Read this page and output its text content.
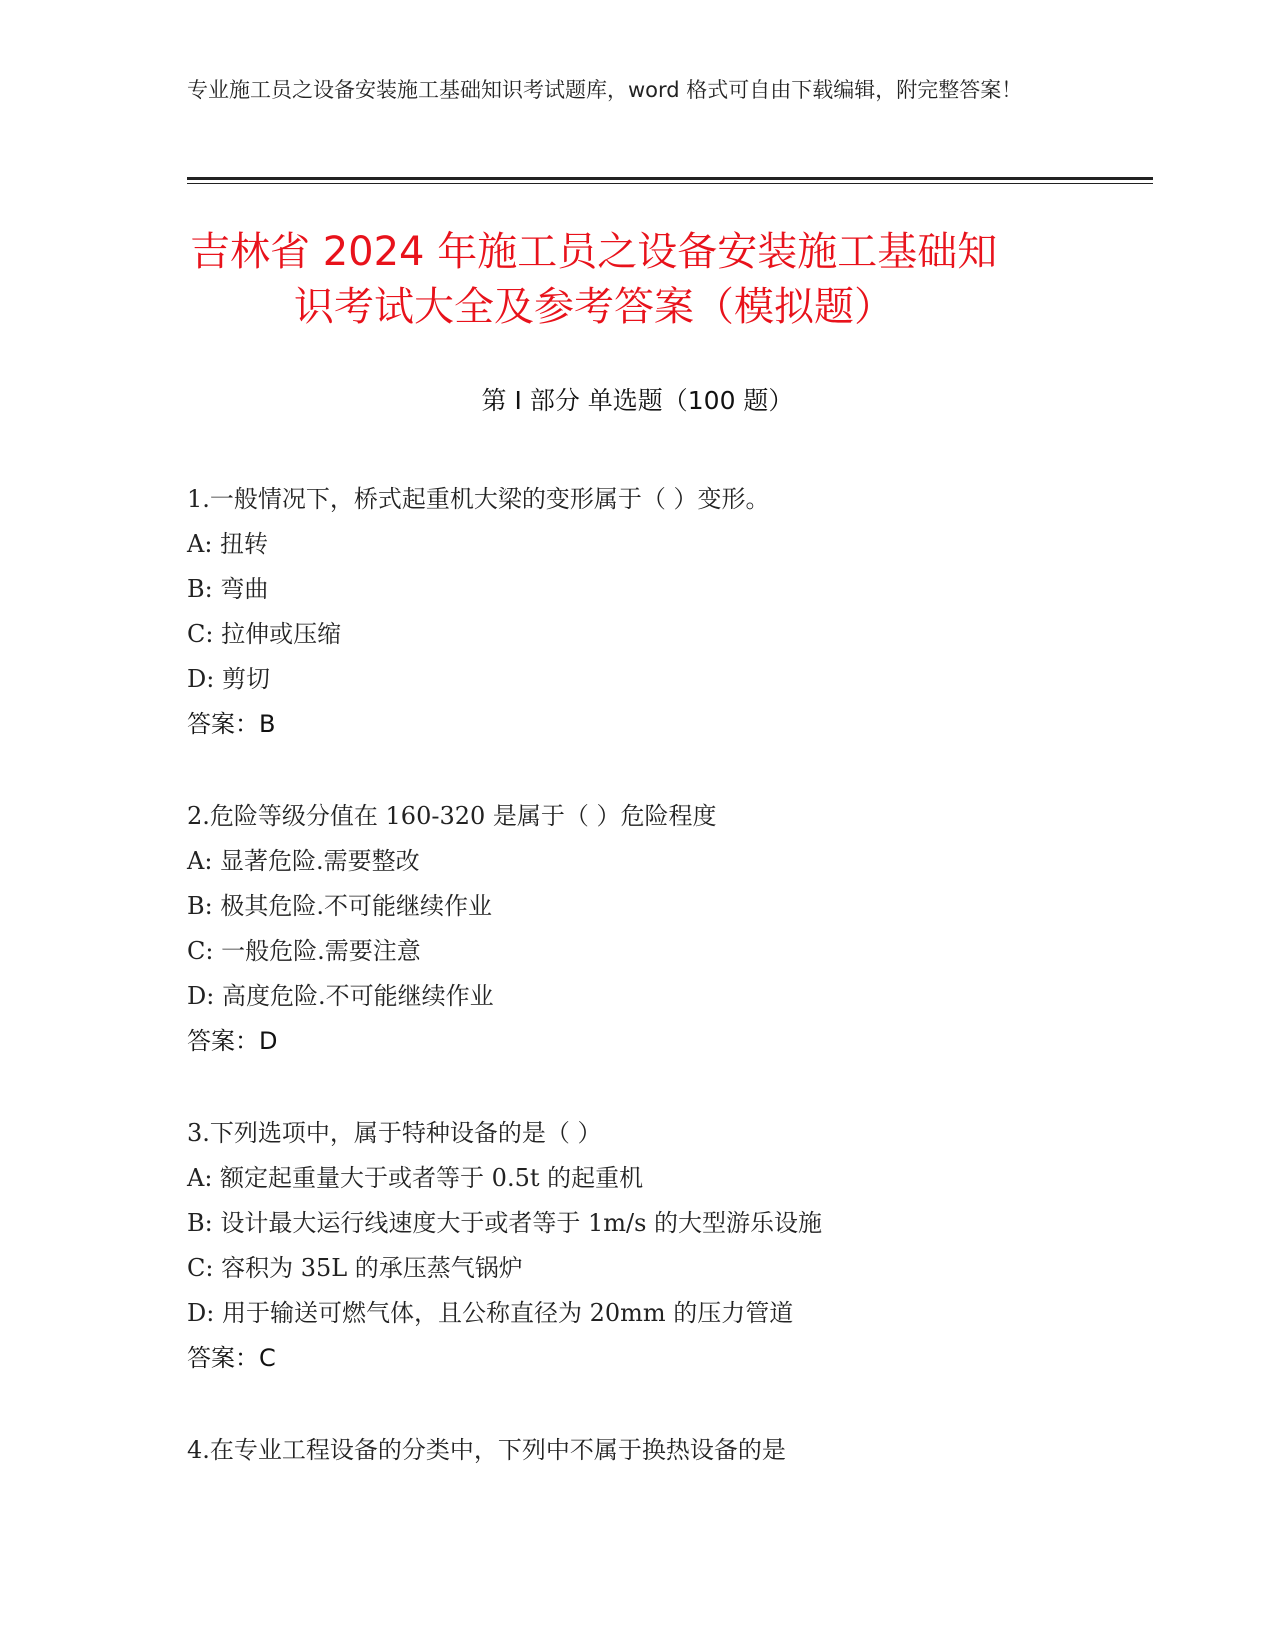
专业施工员之设备安装施工基础知识考试题库，word 格式可自由下载编辑，附完整答案！
吉林省 2024 年施工员之设备安装施工基础知
识考试大全及参考答案（模拟题）
第 I 部分 单选题（100 题）
1.一般情况下，桥式起重机大梁的变形属于（ ）变形。
A: 扭转
B: 弯曲
C: 拉伸或压缩
D: 剪切
答案：B
2.危险等级分值在 160-320 是属于（ ）危险程度
A: 显著危险.需要整改
B: 极其危险.不可能继续作业
C: 一般危险.需要注意
D: 高度危险.不可能继续作业
答案：D
3.下列选项中，属于特种设备的是（ ）
A: 额定起重量大于或者等于 0.5t 的起重机
B: 设计最大运行线速度大于或者等于 1m/s 的大型游乐设施
C: 容积为 35L 的承压蒸气锅炉
D: 用于输送可燃气体，且公称直径为 20mm 的压力管道
答案：C
4.在专业工程设备的分类中，下列中不属于换热设备的是
